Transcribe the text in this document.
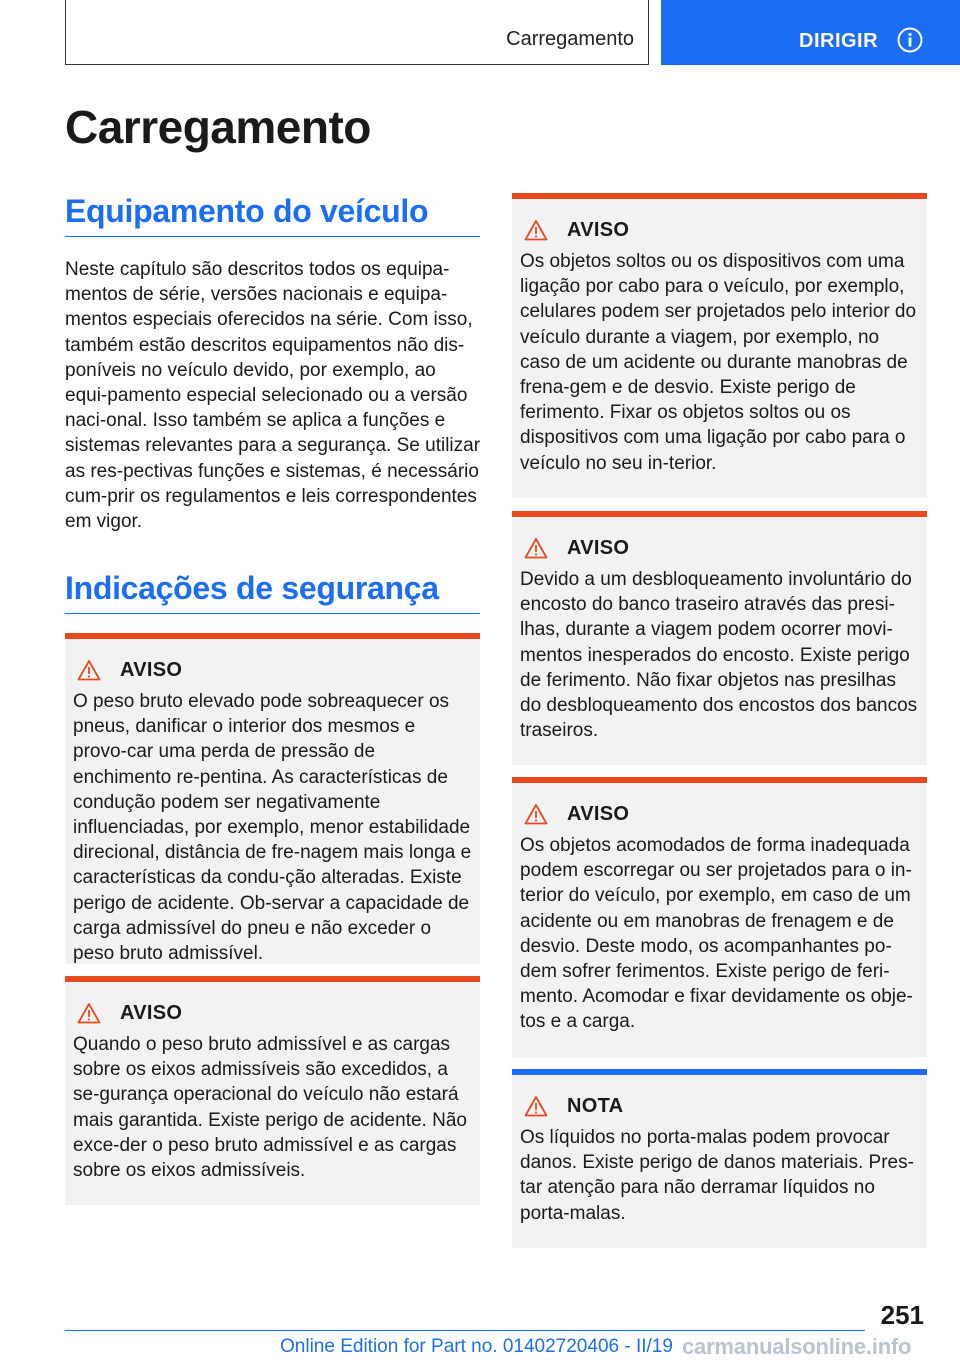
Carregamento	DIRIGIR
Carregamento
Equipamento do veículo

Neste capítulo são descritos todos os equipa-mentos de série, versões nacionais e equipa-mentos especiais oferecidos na série. Com isso, também estão descritos equipamentos não dis-poníveis no veículo devido, por exemplo, ao equi-pamento especial selecionado ou a versão naci-onal. Isso também se aplica a funções e sistemas relevantes para a segurança. Se utilizar as res-pectivas funções e sistemas, é necessário cum-prir os regulamentos e leis correspondentes em vigor.

Indicações de segurança
AVISO

O peso bruto elevado pode sobreaquecer os pneus, danificar o interior dos mesmos e provo-car uma perda de pressão de enchimento re-pentina. As características de condução podem ser negativamente influenciadas, por exemplo, menor estabilidade direcional, distância de fre-nagem mais longa e características da condu-ção alteradas. Existe perigo de acidente. Ob-servar a capacidade de carga admissível do pneu e não exceder o peso bruto admissível.

AVISO

Quando o peso bruto admissível e as cargas sobre os eixos admissíveis são excedidos, a se-gurança operacional do veículo não estará mais garantida. Existe perigo de acidente. Não exce-der o peso bruto admissível e as cargas sobre os eixos admissíveis.

AVISO

Os objetos soltos ou os dispositivos com uma ligação por cabo para o veículo, por exemplo, celulares podem ser projetados pelo interior do veículo durante a viagem, por exemplo, no caso de um acidente ou durante manobras de frena-gem e de desvio. Existe perigo de ferimento. Fixar os objetos soltos ou os dispositivos com uma ligação por cabo para o veículo no seu in-terior.

AVISO

Devido a um desbloqueamento involuntário do encosto do banco traseiro através das presi-lhas, durante a viagem podem ocorrer movi-mentos inesperados do encosto. Existe perigo de ferimento. Não fixar objetos nas presilhas do desbloqueamento dos encostos dos bancos traseiros.

AVISO

Os objetos acomodados de forma inadequada podem escorregar ou ser projetados para o in-terior do veículo, por exemplo, em caso de um acidente ou em manobras de frenagem e de desvio. Deste modo, os acompanhantes po-dem sofrer ferimentos. Existe perigo de feri-mento. Acomodar e fixar devidamente os obje-tos e a carga.

NOTA

Os líquidos no porta-malas podem provocar danos. Existe perigo de danos materiais. Pres-tar atenção para não derramar líquidos no porta-malas.

251
Online Edition for Part no. 01402720406 - II/19 carmanualsonline.info
